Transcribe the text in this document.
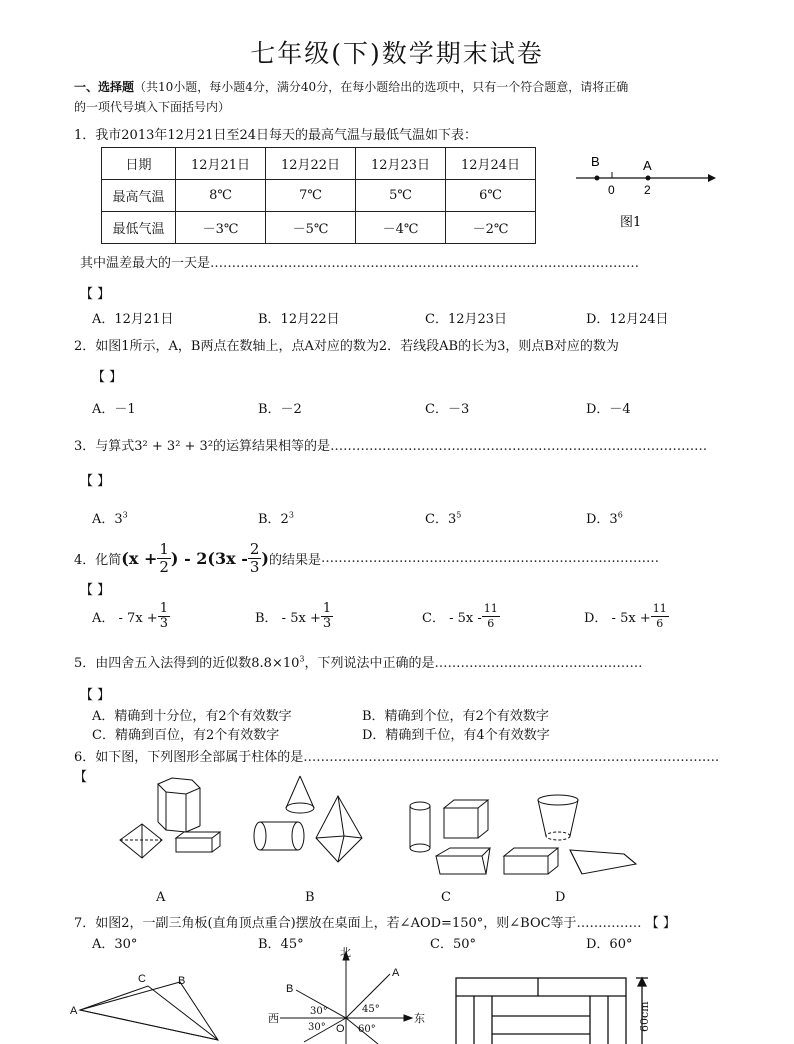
七年级(下)数学期末试卷
一、选择题（共10小题，每小题4分，满分40分，在每小题给出的选项中，只有一个符合题意，请将正确
的一项代号填入下面括号内）
1．我市2013年12月21日至24日每天的最高气温与最低气温如下表：
日期	12月21日	12月22日	12月23日	12月24日
最高气温	8℃	7℃	5℃	6℃
最低气温	－3℃	－5℃	－4℃	－2℃
B	A
0 2
图1
其中温差最大的一天是………………………………………………………………………………………
【 】
A．12月21日	B．12月22日	C．12月23日	D．12月24日
2．如图1所示，A，B两点在数轴上，点A对应的数为2．若线段AB的长为3，则点B对应的数为
【 】
A．－1	B．－2	C．－3	D．－4
3．与算式3² + 3² + 3²的运算结果相等的是……………………………………………………………………………
【 】
A．$3^3$	B．$2^3$	C．$3^5$	D．$3^6$
4．化简 ($x + \frac{1}{2}$ ) - $2(3x - \frac{2}{3}$ ) 的结果是 ……………………………………………………………………
【 】
A． - $7x + \frac{1}{3}$	B． - $5x + \frac{1}{3}$	C． - $5x - \frac{11}{6}$	D． - $5x + \frac{11}{6}$
5．由四舍五入法得到的近似数$8.8\times 10^3$，下列说法中正确的是…………………………………………
【 】
A．精确到十分位，有2个有效数字	B．精确到个位，有2个有效数字
C．精确到百位，有2个有效数字	D．精确到千位，有4个有效数字
6．如下图，下列图形全部属于柱体的是……………………………………………………………………………………
【
A	B	C	D
7．如图2，一副三角板(直角顶点重合)摆放在桌面上，若∠AOD=150°，则∠BOC等于…………… 【 】
A．30°	B．45°	C．50°	D．60°
A
C	B
北
东
西
B
A
O
45°
30°
30°	60°	60cm
